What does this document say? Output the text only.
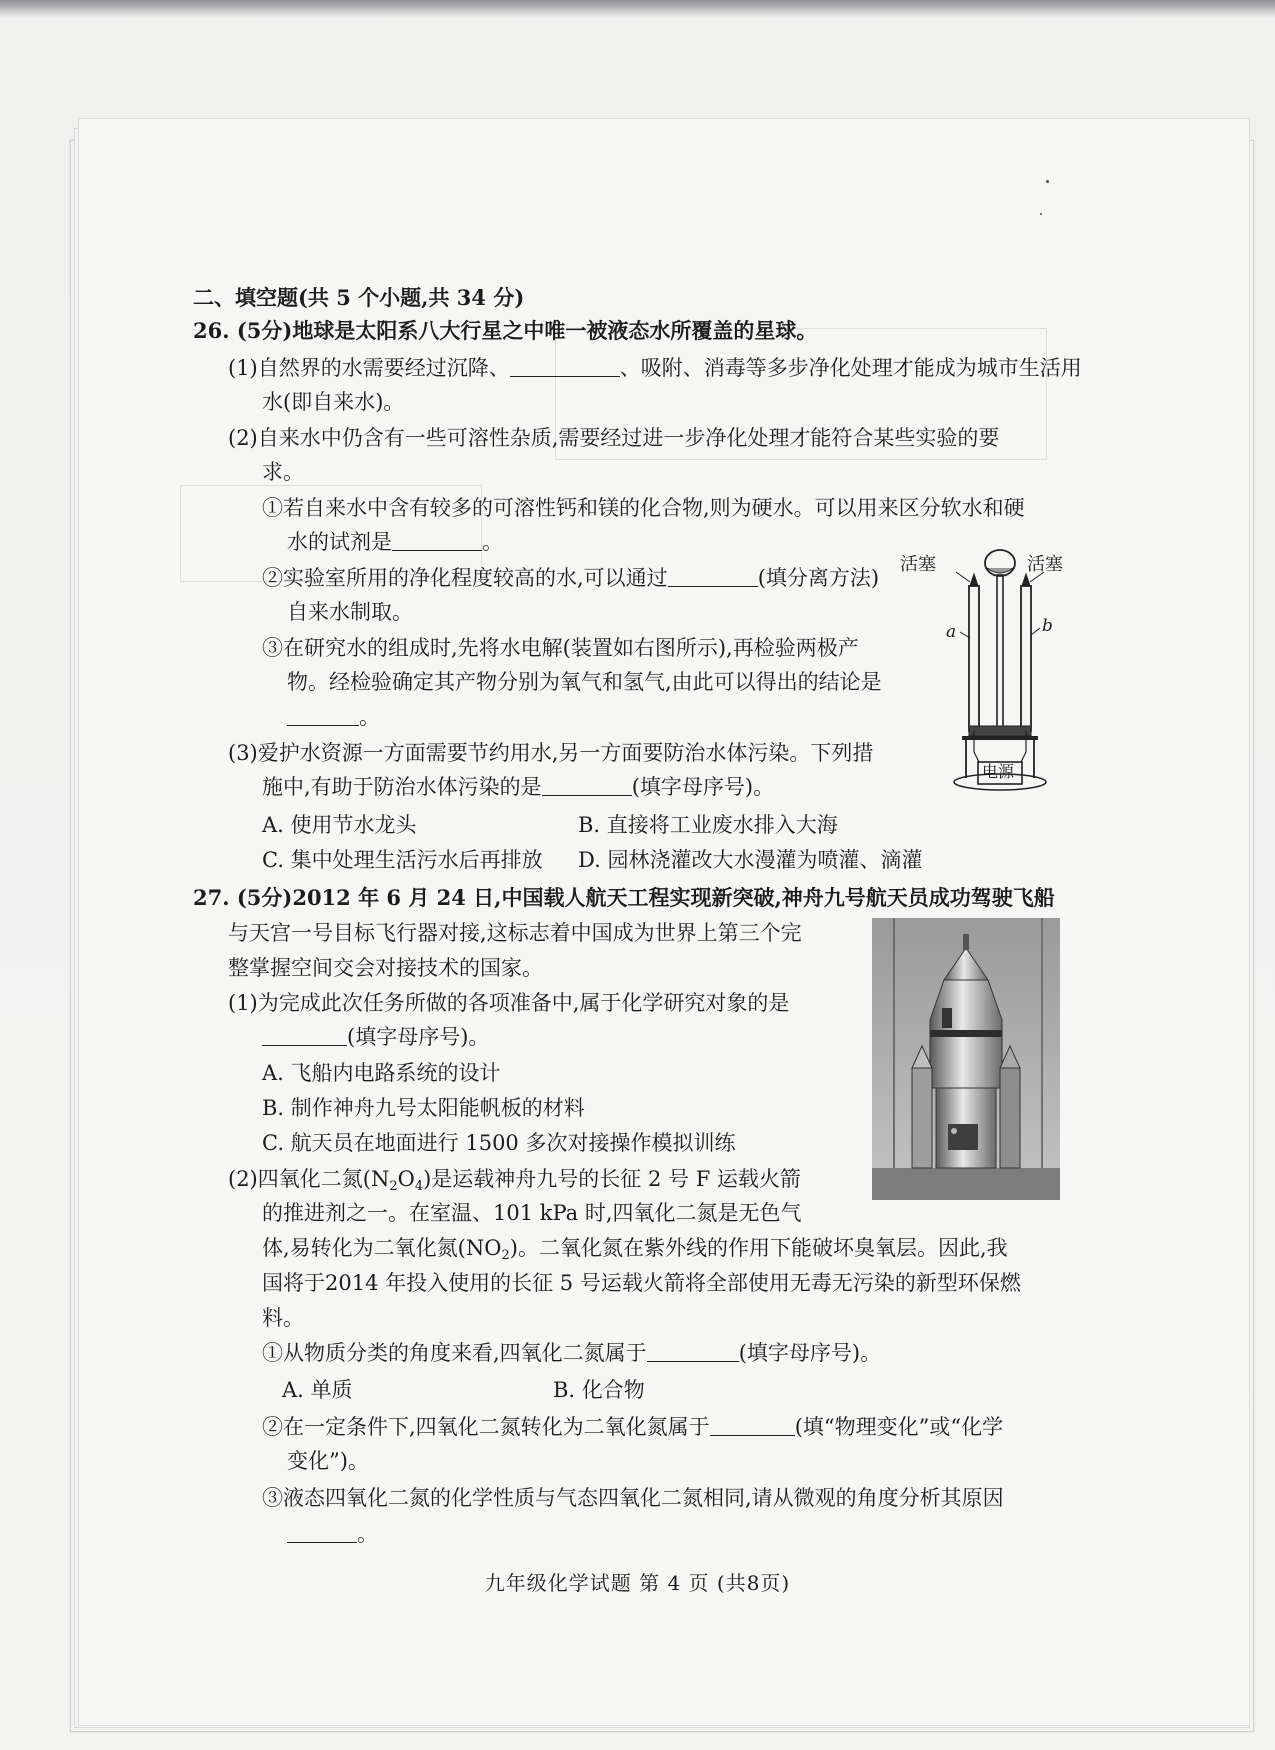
二、填空题(共 5 个小题,共 34 分)
26. (5分)地球是太阳系八大行星之中唯一被液态水所覆盖的星球。
(1)自然界的水需要经过沉降、	、吸附、消毒等多步净化处理才能成为城市生活用
水(即自来水)。
(2)自来水中仍含有一些可溶性杂质,需要经过进一步净化处理才能符合某些实验的要
求。
①若自来水中含有较多的可溶性钙和镁的化合物,则为硬水。可以用来区分软水和硬
水的试剂是	。
②实验室所用的净化程度较高的水,可以通过	(填分离方法)
自来水制取。
③在研究水的组成时,先将水电解(装置如右图所示),再检验两极产
物。经检验确定其产物分别为氧气和氢气,由此可以得出的结论是
。
(3)爱护水资源一方面需要节约用水,另一方面要防治水体污染。下列措
施中,有助于防治水体污染的是	(填字母序号)。
A. 使用节水龙头	B. 直接将工业废水排入大海
C. 集中处理生活污水后再排放 D. 园林浇灌改大水漫灌为喷灌、滴灌
活塞	活塞
a	b
电源
27. (5分)2012 年 6 月 24 日,中国载人航天工程实现新突破,神舟九号航天员成功驾驶飞船
与天宫一号目标飞行器对接,这标志着中国成为世界上第三个完
整掌握空间交会对接技术的国家。
(1)为完成此次任务所做的各项准备中,属于化学研究对象的是
(填字母序号)。
A. 飞船内电路系统的设计
B. 制作神舟九号太阳能帆板的材料
C. 航天员在地面进行 1500 多次对接操作模拟训练
(2)四氧化二氮$(N_2O_4)$是运载神舟九号的长征 2 号 F 运载火箭
的推进剂之一。在室温、101 kPa 时,四氧化二氮是无色气
体,易转化为二氧化氮$(NO_2)$。二氧化氮在紫外线的作用下能破坏臭氧层。因此,我
国将于2014 年投入使用的长征 5 号运载火箭将全部使用无毒无污染的新型环保燃
料。
①从物质分类的角度来看,四氧化二氮属于	(填字母序号)。
A. 单质	B. 化合物
②在一定条件下,四氧化二氮转化为二氧化氮属于	(填“物理变化”或“化学
变化”)。
③液态四氧化二氮的化学性质与气态四氧化二氮相同,请从微观的角度分析其原因
。
九年级化学试题 第 4 页 (共8页)
